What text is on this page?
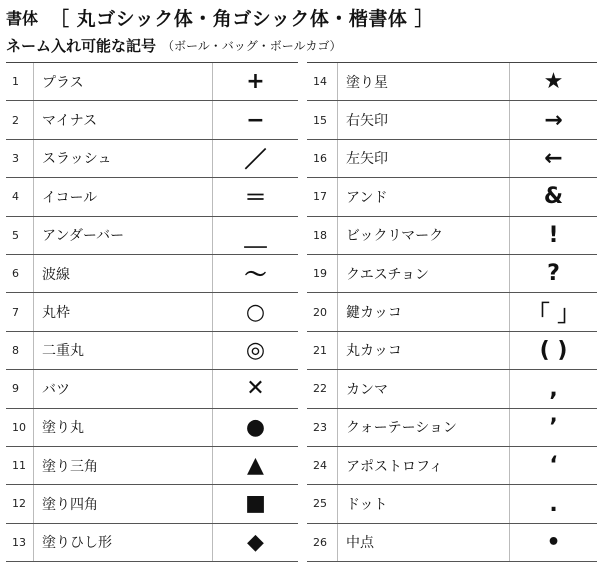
書体 ［ 丸ゴシック体・角ゴシック体・楷書体 ］
ネーム入れ可能な記号 （ボール・バッグ・ボールカゴ）
1	プラス	+
2	マイナス	−
3	スラッシュ	／
4	イコール	＝
5	アンダーバー	＿
6	波線	〜
7	丸枠	○
8	二重丸	◎
9	バツ	✕
10	塗り丸	●
11	塗り三角	▲
12	塗り四角	■
13	塗りひし形	◆
14	塗り星	★
15	右矢印	→
16	左矢印	←
17	アンド	&
18	ビックリマーク	!
19	クエスチョン	?
20	鍵カッコ	「 」
21	丸カッコ	( )
22	カンマ	,
23	クォーテーション	’
24	アポストロフィ	‘
25	ドット	.
26	中点	•
